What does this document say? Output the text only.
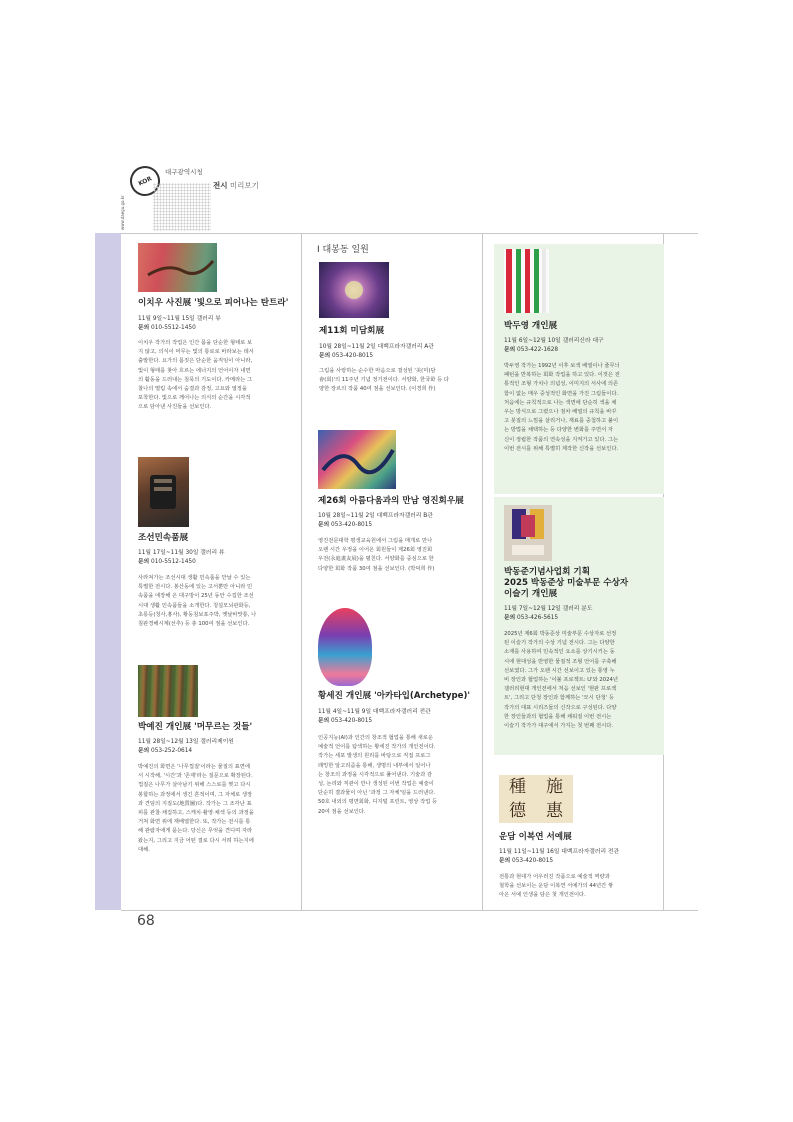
KOR
www.daegu.go.kr
대구광역시청
전시 미리보기
68
이치우 사진展 '빛으로 피어나는 탄트라'
11월 9일~11월 15일 갤러리 뷰
문의 010-5512-1450
이치우 작가의 작업은 인간 몸을 단순한 형태로 보
지 않고, 의식이 머무는 빛의 통로로 바라보는 데서
출발한다. 요가의 몸짓은 단순한 움직임이 아니라,
빛이 형태를 찾아 흐르는 에너지의 언어이자 내면
의 활동을 드러내는 침묵의 기도이다. 카메라는 그
찰나의 떨림 속에서 숨결과 감정, 고요와 열정을
포착한다. 빛으로 깨어나는 의식의 순간을 시각적
으로 담아낸 사진들을 선보인다.
조선민속품展
11월 17일~11월 30일 갤러리 뷰
문의 010-5512-1450
사라져가는 조선시대 생활 민속품을 만날 수 있는
특별한 전시다. 봉산동에 있는 고서뿐만 아니라 민
속품을 애장해 온 대구방이 25년 동안 수집한 조선
시대 생활 민속품들을 소개한다. 청설모뇌관화등,
초롱등(청사,홍사), 황동침보포주박, 옛날바맛통, 나
침판경해시계(선추) 등 총 100여 점을 선보인다.
박예진 개인展 '머무르는 것들'
11월 28일~12월 13일 갤러리제이원
문의 053-252-0614
박예진의 화면은 '나무껍질'이라는 물질의 표면에
서 시작해, '시간'과 '존재'라는 질문으로 확장된다.
껍질은 나무가 살아남기 위해 스스로를 찢고 다시
봉합하는 과정에서 생긴 흔적이며, 그 자체로 생장
과 견딤의 지질도(地質圖)다. 작가는 그 조각난 표
피를 관찰·채집하고, 스케치·촬영·채색 등의 과정을
거쳐 화면 위에 재배열한다. 또, 작가는 전시를 통
해 관람자에게 묻는다. 당신은 무엇을 견디며 자라
왔는지, 그리고 지금 어떤 결로 다시 서려 하는지에
대해.
I 대봉동 일원
제11회 미담회展
10월 28일~11월 2일 대백프라자갤러리 A관
문의 053-420-8015
그림을 사랑하는 순수한 마음으로 결성된 '美(미)담
會(회)'의 11주년 기념 정기전이다. 서양화, 한국화 등 다
양한 장르의 작품 40여 점을 선보인다. (이경희 作)
제26회 아름다움과의 만남 영진회우展
10월 28일~11월 2일 대백프라자갤러리 B관
문의 053-420-8015
영진전문대학 평생교육원에서 그림을 매개로 만나
오랜 시간 우정을 이어온 회원들이 제26회 영진회
우전(永進畫友展)을 펼친다. 서양화를 중심으로 한
다양한 회화 작품 30여 점을 선보인다. (박덕희 作)
황세진 개인展 '아카타입(Archetype)'
11월 4일~11월 9일 대백프라자갤러리 전관
문의 053-420-8015
인공지능(AI)과 인간의 창조적 협업을 통해 새로운
예술적 언어를 탐색하는 황세진 작가의 개인전이다.
작가는 세포 발생의 원리를 바탕으로 직접 프로그
래밍한 알고리즘을 통해, 생명의 내부에서 일어나
는 창조의 과정을 시각적으로 풀어낸다. 기술과 감
성, 논리와 직관이 만나 생성된 이번 작업은 예술이
단순히 결과물이 아닌 '과정 그 자체'임을 드러낸다.
50호 내외의 평면회화, 디지털 프린트, 영상 작업 등
20여 점을 선보인다.
박두영 개인展
11월 6일~12월 10일 갤러리신라 대구
문의 053-422-1628
박두영 작가는 1992년 이후 보색 배열이나 줄무늬
패턴을 반복하는 회화 작업을 하고 있다. 이것은 전
통적인 조형 가치나 의념성, 이미지의 서사에 의존
함이 없는 매우 중성적인 화면을 가진 그림들이다.
처음에는 규칙적으로 나는 색면에 단순히 색을 채
우는 방식으로 그렸으나 점차 배열의 규칙을 바꾸
고 붓질의 느낌을 살리거나, 재료를 중첩하고 붙이
는 방법을 채택하는 등 다양한 변화를 주면서 자
신이 정립한 작품의 연속성을 지켜가고 있다. 그는
이번 전시를 위해 특별히 제작한 신작을 선보인다.
박동준기념사업회 기획
2025 박동준상 미술부문 수상자
이슬기 개인展
11월 7일~12월 12일 갤러리 분도
문의 053-426-5615
2025년 제6회 박동준상 미술부문 수상자로 선정
된 이슬기 작가의 수상 기념 전시다. 그는 다양한
소재를 사용하여 민속적인 요소를 상기시키는 동
시에 현대성을 반영한 물질적 조형 언어를 구축해
선보였다. 그가 오랜 시간 선보이고 있는 통영 누
비 장인과 협업하는 '이불 프로젝트: U'와 2024년
갤러리현대 개인전에서 처음 선보인 '현판 프로젝
트', 그리고 단청 장인과 함께하는 '모시 단청' 등
작가의 대표 시리즈들의 신작으로 구성된다. 다양
한 장인들과의 협업을 통해 채워질 이번 전시는
이슬기 작가가 대구에서 가지는 첫 번째 전시다.
種 施
德 惠
운담 이복연 서예展
11월 11일~11월 16일 대백프라자갤러리 전관
문의 053-420-8015
전통과 현대가 어우러진 작품으로 예술적 역량과
철학을 선보이는 운담 이복연 서예가의 44년간 쌓
아온 서예 인생을 담은 첫 개인전이다.
